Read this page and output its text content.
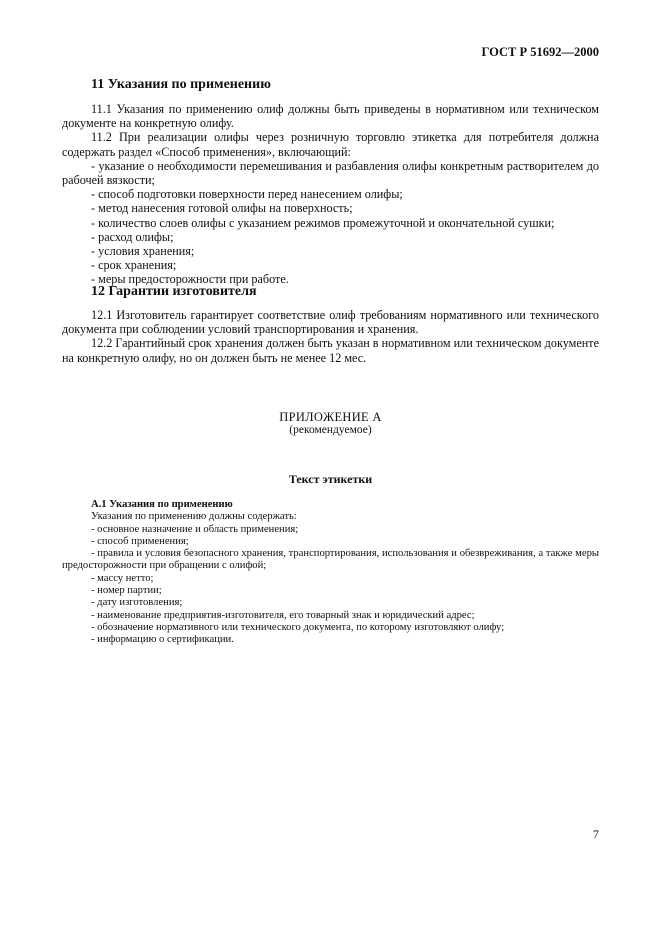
ГОСТ Р 51692—2000
11 Указания по применению

11.1 Указания по применению олиф должны быть приведены в нормативном или техническом документе на конкретную олифу.

11.2 При реализации олифы через розничную торговлю этикетка для потребителя должна содержать раздел «Способ применения», включающий:

- указание о необходимости перемешивания и разбавления олифы конкретным растворителем до рабочей вязкости;

- способ подготовки поверхности перед нанесением олифы;

- метод нанесения готовой олифы на поверхность;

- количество слоев олифы с указанием режимов промежуточной и окончательной сушки;

- расход олифы;

- условия хранения;

- срок хранения;

- меры предосторожности при работе.

12 Гарантии изготовителя

12.1 Изготовитель гарантирует соответствие олиф требованиям нормативного или технического документа при соблюдении условий транспортирования и хранения.

12.2 Гарантийный срок хранения должен быть указан в нормативном или техническом документе на конкретную олифу, но он должен быть не менее 12 мес.

ПРИЛОЖЕНИЕ А
(рекомендуемое)
Текст этикетки

А.1 Указания по применению

Указания по применению должны содержать:

- основное назначение и область применения;

- способ применения;

- правила и условия безопасного хранения, транспортирования, использования и обезвреживания, а также меры предосторожности при обращении с олифой;

- массу нетто;

- номер партии;

- дату изготовления;

- наименование предприятия-изготовителя, его товарный знак и юридический адрес;

- обозначение нормативного или технического документа, по которому изготовляют олифу;

- информацию о сертификации.

7
